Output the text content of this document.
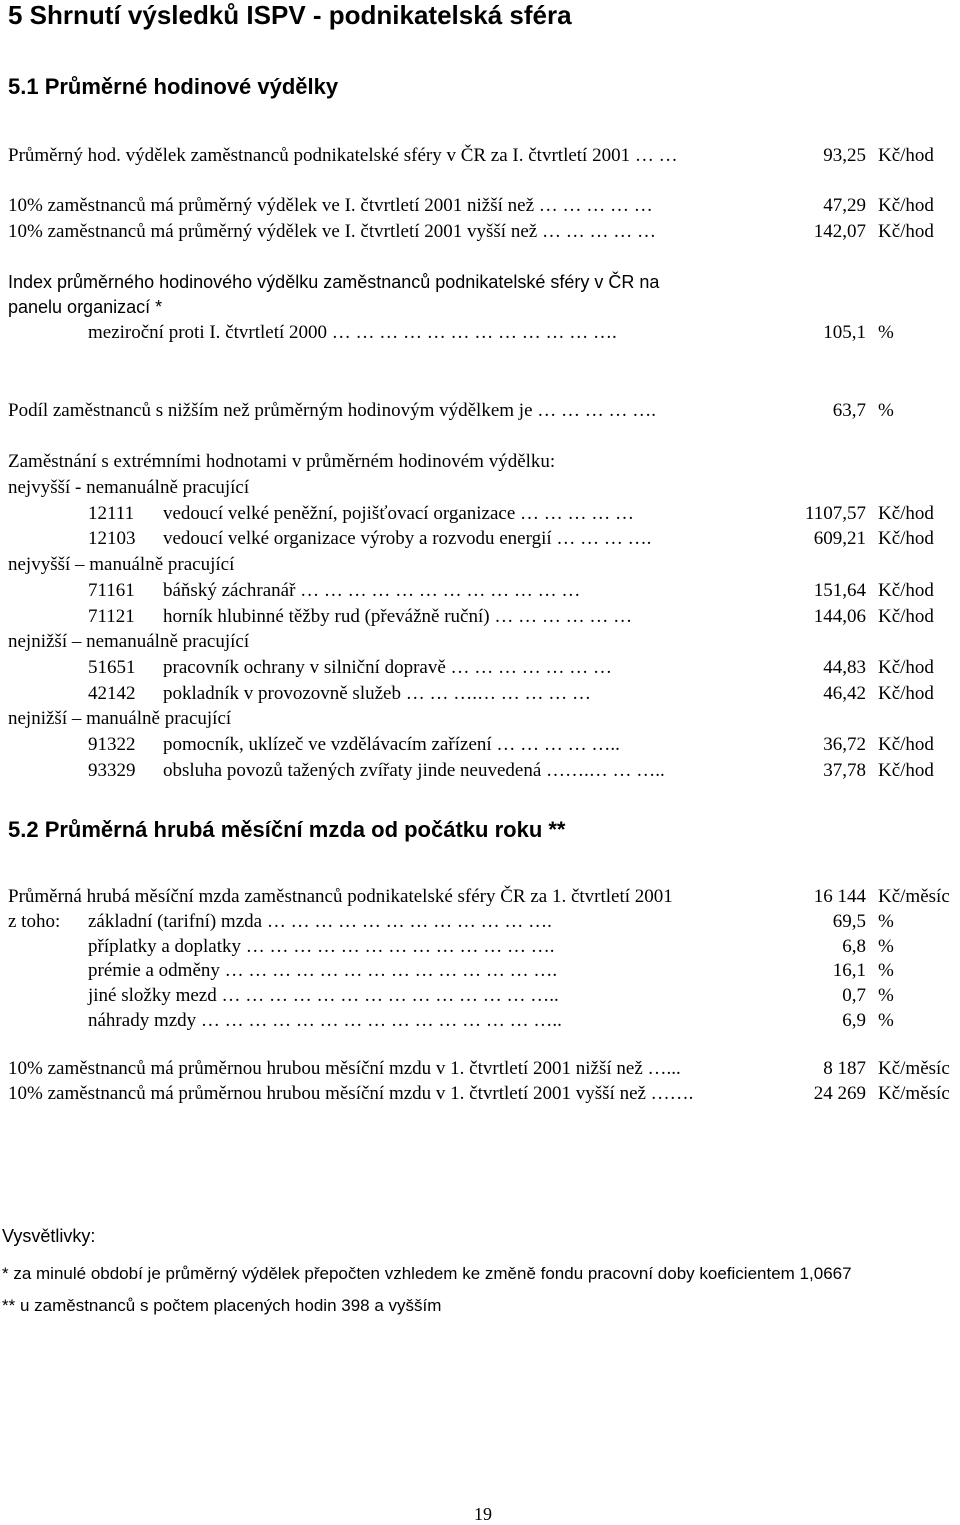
5 Shrnutí výsledků ISPV - podnikatelská sféra
5.1 Průměrné hodinové výdělky
Průměrný hod. výdělek zaměstnanců podnikatelské sféry v ČR za I. čtvrtletí 2001 … …	93,25 Kč/hod
10% zaměstnanců má průměrný výdělek ve I. čtvrtletí 2001 nižší než … … … … …	47,29 Kč/hod
10% zaměstnanců má průměrný výdělek ve I. čtvrtletí 2001 vyšší než … … … … …	142,07 Kč/hod
Index průměrného hodinového výdělku zaměstnanců podnikatelské sféry v ČR na
panelu organizací *
meziroční proti I. čtvrtletí 2000 … … … … … … … … … … … ….	105,1 %
Podíl zaměstnanců s nižším než průměrným hodinovým výdělkem je … … … … ….	63,7 %
Zaměstnání s extrémními hodnotami v průměrném hodinovém výdělku:
nejvyšší - nemanuálně pracující
12111 vedoucí velké peněžní, pojišťovací organizace … … … … …	1107,57 Kč/hod
12103 vedoucí velké organizace výroby a rozvodu energií … … … ….	609,21 Kč/hod
nejvyšší – manuálně pracující
71161 báňský záchranář … … … … … … … … … … … …	151,64 Kč/hod
71121 horník hlubinné těžby rud (převážně ruční) … … … … … …	144,06 Kč/hod
nejnižší – nemanuálně pracující
51651 pracovník ochrany v silniční dopravě … … … … … … …	44,83 Kč/hod
42142 pokladník v provozovně služeb … … ….… … … … …	46,42 Kč/hod
nejnižší – manuálně pracující
91322 pomocník, uklízeč ve vzdělávacím zařízení … … … … …..	36,72 Kč/hod
93329 obsluha povozů tažených zvířaty jinde neuvedená …….… … …..	37,78 Kč/hod
5.2 Průměrná hrubá měsíční mzda od počátku roku **
Průměrná hrubá měsíční mzda zaměstnanců podnikatelské sféry ČR za 1. čtvrtletí 2001	16 144 Kč/měsíc
z toho: základní (tarifní) mzda … … … … … … … … … … … ….	69,5 %
příplatky a doplatky … … … … … … … … … … … … ….	6,8 %
prémie a odměny … … … … … … … … … … … … … ….	16,1 %
jiné složky mezd … … … … … … … … … … … … … …..	0,7 %
náhrady mzdy … … … … … … … … … … … … … … …..	6,9 %
10% zaměstnanců má průměrnou hrubou měsíční mzdu v 1. čtvrtletí 2001 nižší než …...	8 187 Kč/měsíc
10% zaměstnanců má průměrnou hrubou měsíční mzdu v 1. čtvrtletí 2001 vyšší než …….	24 269 Kč/měsíc
Vysvětlivky:
* za minulé období je průměrný výdělek přepočten vzhledem ke změně fondu pracovní doby koeficientem 1,0667
** u zaměstnanců s počtem placených hodin 398 a vyšším
19
